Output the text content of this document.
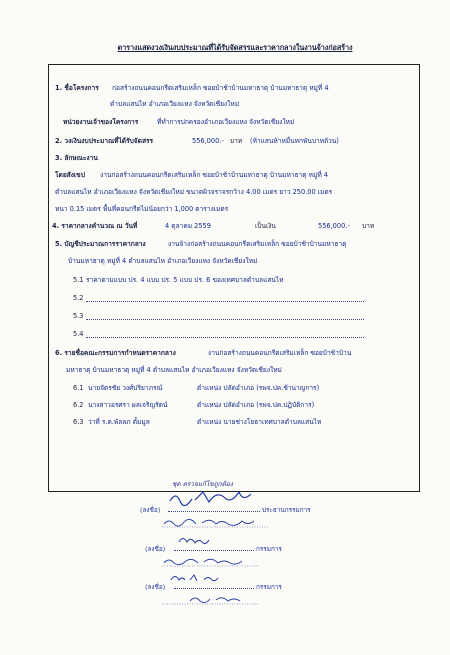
ตารางแสดงวงเงินงบประมาณที่ได้รับจัดสรรและราคากลางในงานจ้างก่อสร้าง
1. ชื่อโครงการ ก่อสร้างถนนคอนกรีตเสริมเหล็ก ซอยบ้าช้าบ้านมหาธาตุ บ้านมหาธาตุ หมู่ที่ 4
ตำบลแสนไห อำเภอเวียงแหง จังหวัดเชียงใหม่
หน่วยงานเจ้าของโครงการ	ที่ทำการปกครองอำเภอเวียงแหง จังหวัดเชียงใหม่
2. วงเงินงบประมาณที่ได้รับจัดสรร	556,000.- บาท (ห้าแสนห้าหมื่นหกพันบาทถ้วน)
3. ลักษณะงาน
โดยสังเขป งานก่อสร้างถนนคอนกรีตเสริมเหล็ก ซอยบ้าช้าบ้านมหาธาตุ บ้านมหาธาตุ หมู่ที่ 4
ตำบลแสนไห อำเภอเวียงแหง จังหวัดเชียงใหม่ ขนาดผิวจราจรกว้าง 4.00 เมตร ยาว 250.00 เมตร
หนา 0.15 เมตร พื้นที่คอนกรีตไม่น้อยกว่า 1,000 ตารางเมตร
4. ราคากลางคำนวณ ณ วันที่	4 ตุลาคม 2559	เป็นเงิน	556,000.- บาท
5. บัญชีประมาณการราคากลาง	งานจ้างก่อสร้างถนนคอนกรีตเสริมเหล็ก ซอยบ้าช้าบ้านมหาธาตุ
บ้านมหาธาตุ หมู่ที่ 4 ตำบลแสนไห อำเภอเวียงแหง จังหวัดเชียงใหม่
5.1 ราคาตามแบบ ปร. 4 แบบ ปร. 5 แบบ ปร. 6 ของเทศบาลตำบลแสนไห
5.2
5.3
5.4
6. รายชื่อคณะกรรมการกำหนดราคากลาง	งานก่อสร้างถนนคอนกรีตเสริมเหล็ก ซอยบ้าช้าบ้าน
มหาธาตุ บ้านมหาธาตุ หมู่ที่ 4 ตำบลแสนไห อำเภอเวียงแหง จังหวัดเชียงใหม่
6.1 นายจัตรชัย วงศ์ปริยาภรณ์	ตำแหน่ง ปลัดอำเภอ (รพจ.ปค.ช้านาญการ)
6.2 นางสาวอรศรา ผลเจริญรัตน์	ตำแหน่ง ปลัดอำเภอ (รพจ.ปค.ปฏิบัติการ)
6.3 ว่าที่ ร.ต.พัลลภ ตั้มมูล	ตำแหน่ง นายช่างโยธาเทศบาลตำบลแสนไห
ชุด ตรวจแก้ไขถูกต้อง
(ลงชื่อ)	ประธานกรรมการ
(ลงชื่อ)	กรรมการ
(ลงชื่อ)	กรรมการ
